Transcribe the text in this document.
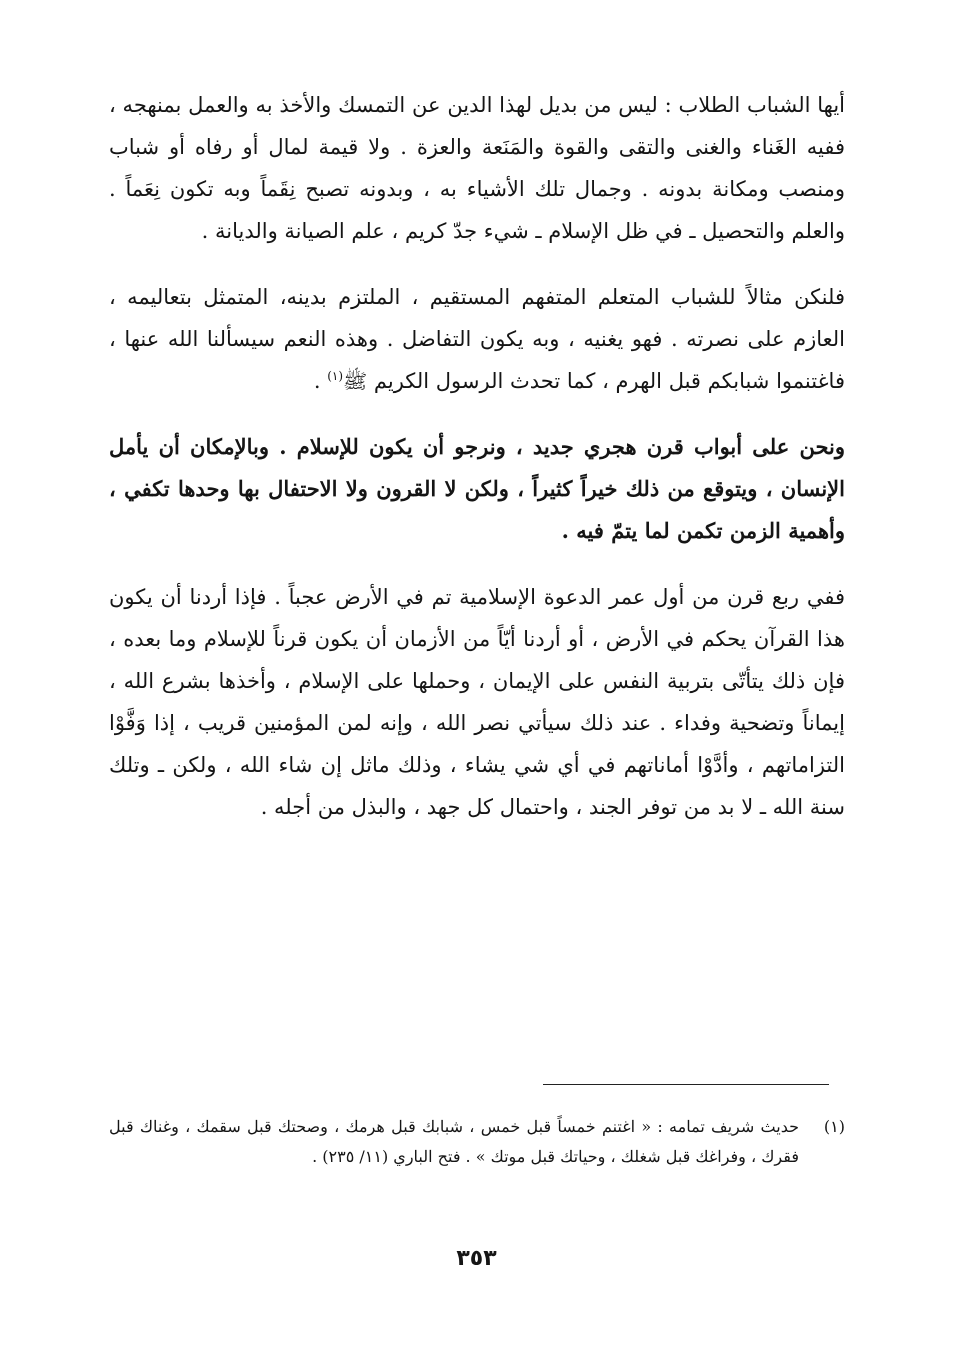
أيها الشباب الطلاب : ليس من بديل لهذا الدين عن التمسك والأخذ به والعمل بمنهجه ، ففيه الغَناء والغنى والتقى والقوة والمَنَعة والعزة . ولا قيمة لمال أو رفاه أو شباب ومنصب ومكانة بدونه . وجمال تلك الأشياء به ، وبدونه تصبح نِقَماً وبه تكون نِعَماً . والعلم والتحصيل ـ في ظل الإسلام ـ شيء جدّ كريم ، علم الصيانة والديانة .

فلنكن مثالاً للشباب المتعلم المتفهم المستقيم ، الملتزم بدينه، المتمثل بتعاليمه ، العازم على نصرته . فهو يغنيه ، وبه يكون التفاضل . وهذه النعم سيسألنا الله عنها ، فاغتنموا شبابكم قبل الهرم ، كما تحدث الرسول الكريم ﷺ$^{(١)}$ .

ونحن على أبواب قرن هجري جديد ، ونرجو أن يكون للإسلام . وبالإمكان أن يأمل الإنسان ، ويتوقع من ذلك خيراً كثيراً ، ولكن لا القرون ولا الاحتفال بها وحدها تكفي ، وأهمية الزمن تكمن لما يتمّ فيه .

ففي ربع قرن من أول عمر الدعوة الإسلامية تم في الأرض عجباً . فإذا أردنا أن يكون هذا القرآن يحكم في الأرض ، أو أردنا أيّاً من الأزمان أن يكون قرناً للإسلام وما بعده ، فإن ذلك يتأتّى بتربية النفس على الإيمان ، وحملها على الإسلام ، وأخذها بشرع الله ، إيماناً وتضحية وفداء . عند ذلك سيأتي نصر الله ، وإنه لمن المؤمنين قريب ، إذا وَفَّوْا التزاماتهم ، وأدَّوْا أماناتهم في أي شي يشاء ، وذلك ماثل إن شاء الله ، ولكن ـ وتلك سنة الله ـ لا بد من توفر الجند ، واحتمال كل جهد ، والبذل من أجله .

(١)
حديث شريف تمامه : « اغتنم خمساً قبل خمس ، شبابك قبل هرمك ، وصحتك قبل سقمك ، وغناك قبل فقرك ، وفراغك قبل شغلك ، وحياتك قبل موتك » . فتح الباري (١١/ ٢٣٥) .
٣٥٣
